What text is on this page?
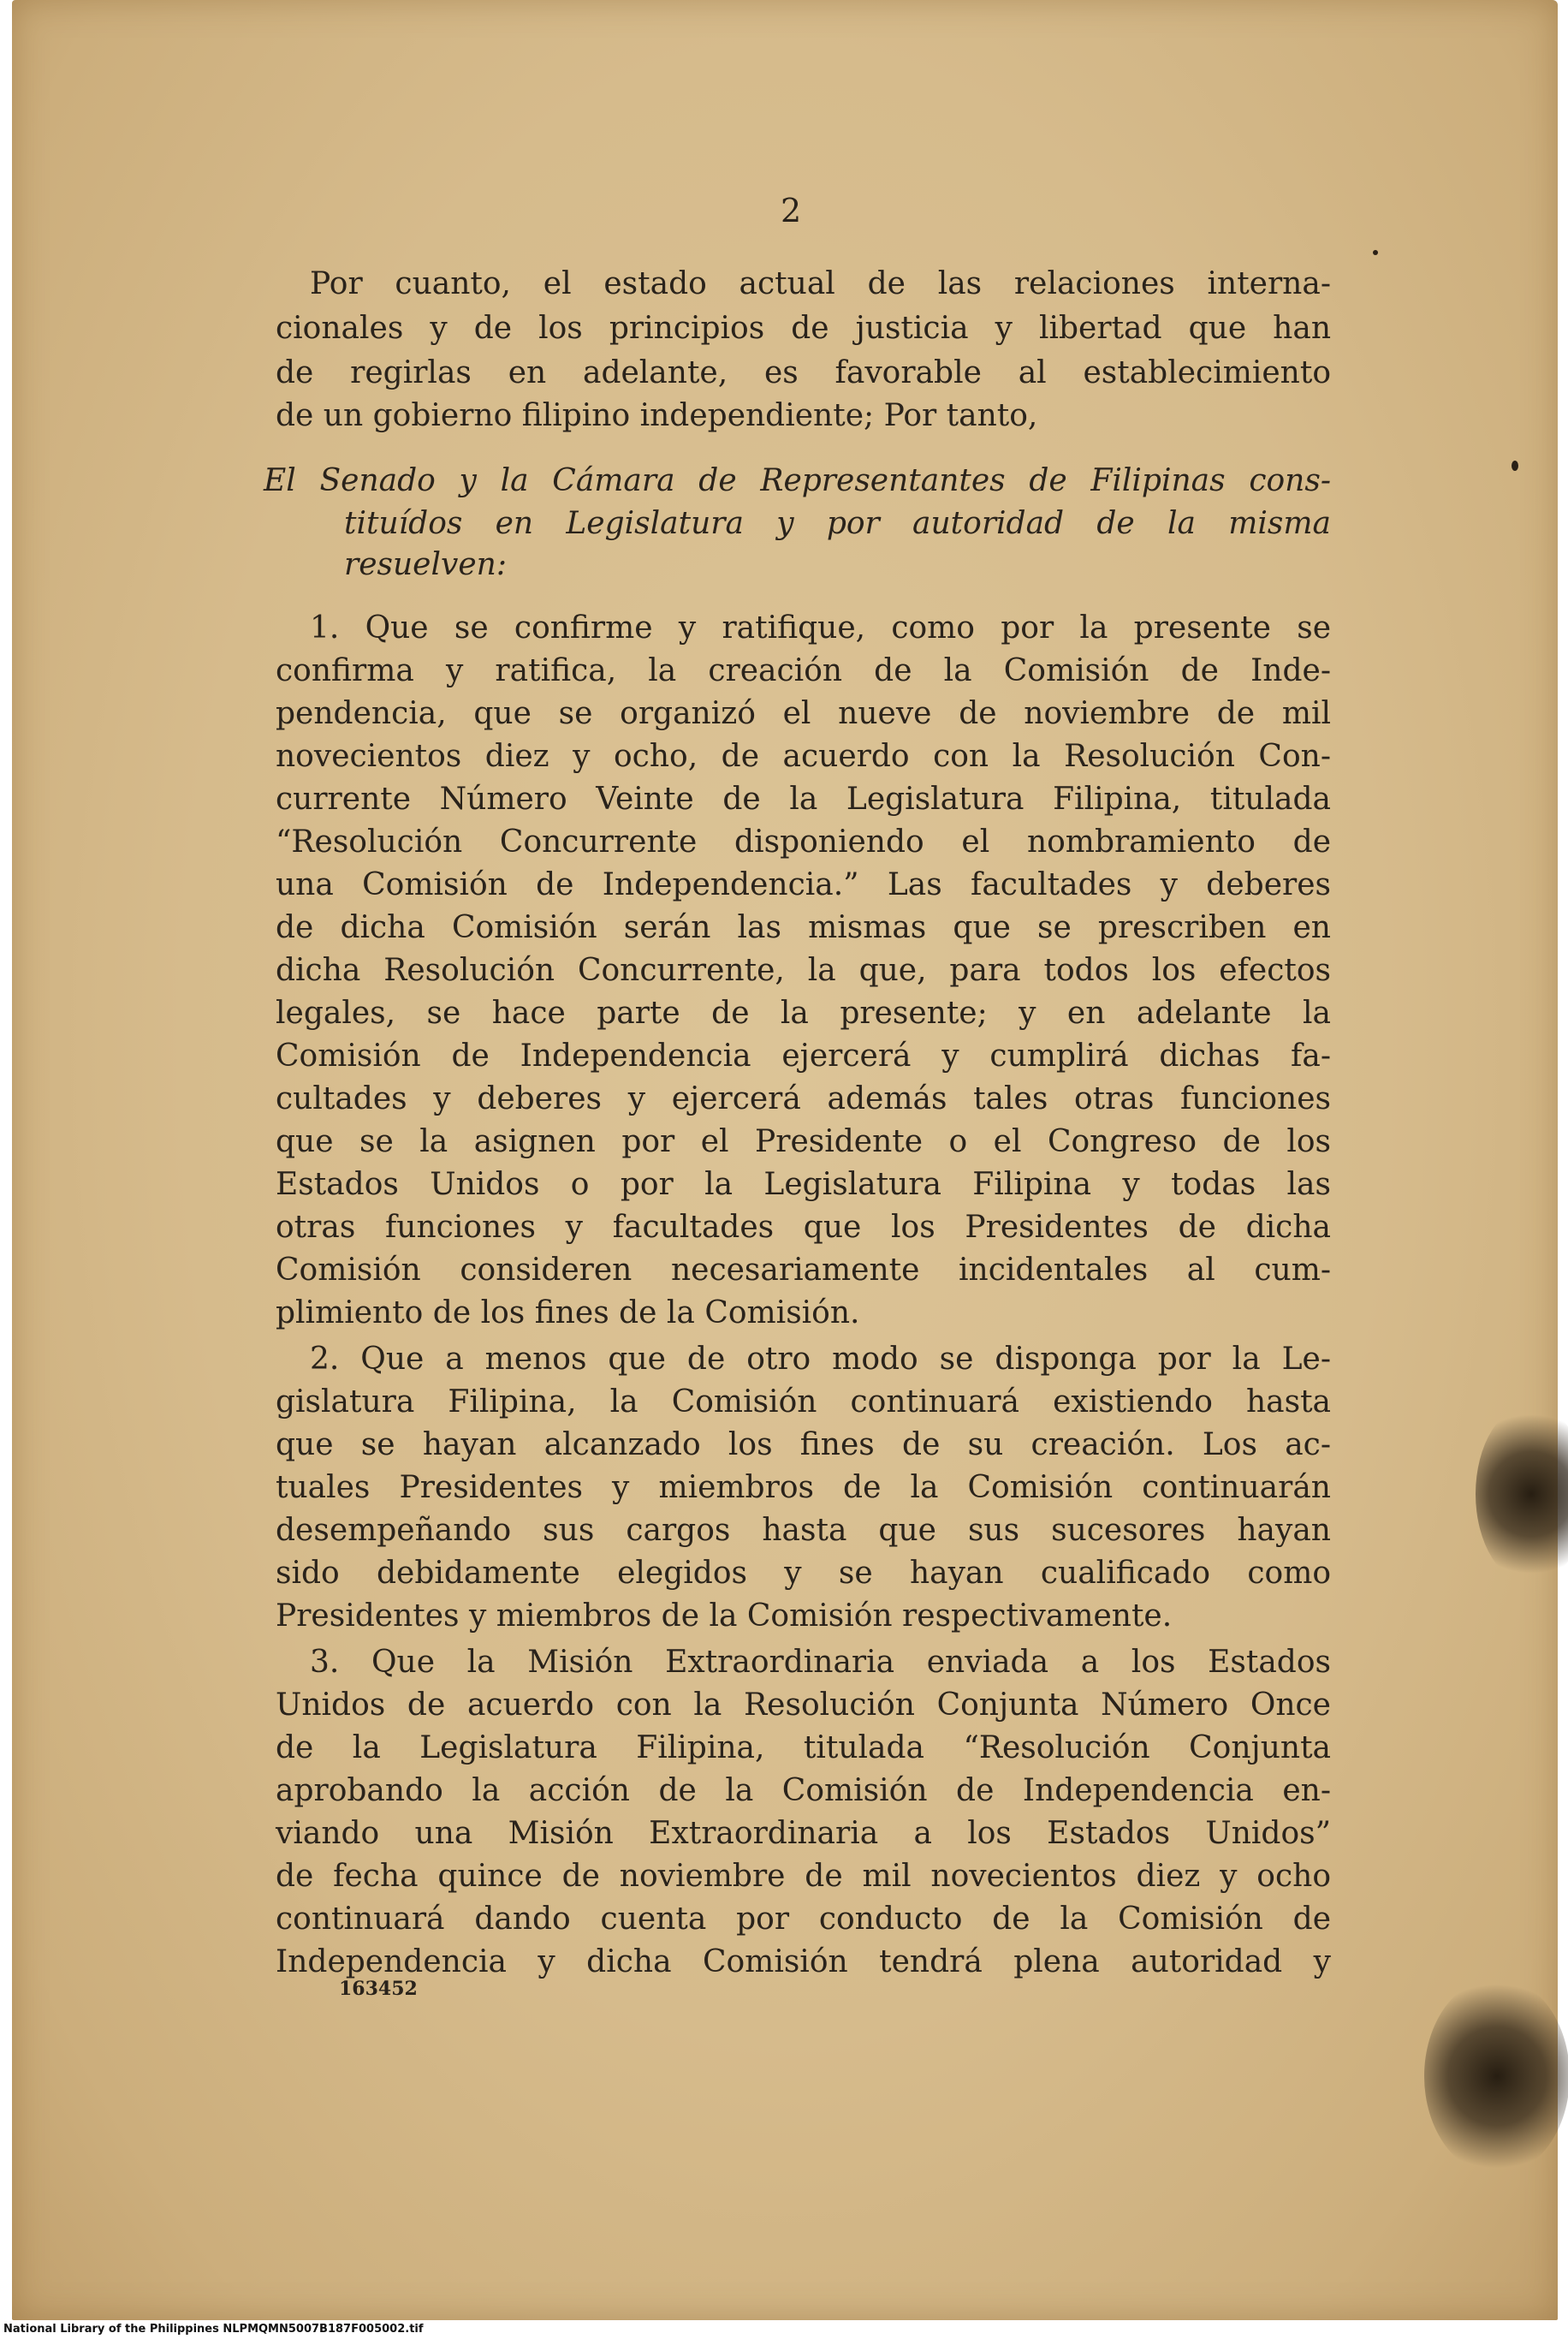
2
Por cuanto, el estado actual de las relaciones interna-
cionales y de los principios de justicia y libertad que han
de regirlas en adelante, es favorable al establecimiento
de un gobierno filipino independiente; Por tanto,
El Senado y la Cámara de Representantes de Filipinas cons-
tituídos en Legislatura y por autoridad de la misma
resuelven:
1. Que se confirme y ratifique, como por la presente se
confirma y ratifica, la creación de la Comisión de Inde-
pendencia, que se organizó el nueve de noviembre de mil
novecientos diez y ocho, de acuerdo con la Resolución Con-
currente Número Veinte de la Legislatura Filipina, titulada
“Resolución Concurrente disponiendo el nombramiento de
una Comisión de Independencia.” Las facultades y deberes
de dicha Comisión serán las mismas que se prescriben en
dicha Resolución Concurrente, la que, para todos los efectos
legales, se hace parte de la presente; y en adelante la
Comisión de Independencia ejercerá y cumplirá dichas fa-
cultades y deberes y ejercerá además tales otras funciones
que se la asignen por el Presidente o el Congreso de los
Estados Unidos o por la Legislatura Filipina y todas las
otras funciones y facultades que los Presidentes de dicha
Comisión consideren necesariamente incidentales al cum-
plimiento de los fines de la Comisión.
2. Que a menos que de otro modo se disponga por la Le-
gislatura Filipina, la Comisión continuará existiendo hasta
que se hayan alcanzado los fines de su creación. Los ac-
tuales Presidentes y miembros de la Comisión continuarán
desempeñando sus cargos hasta que sus sucesores hayan
sido debidamente elegidos y se hayan cualificado como
Presidentes y miembros de la Comisión respectivamente.
3. Que la Misión Extraordinaria enviada a los Estados
Unidos de acuerdo con la Resolución Conjunta Número Once
de la Legislatura Filipina, titulada “Resolución Conjunta
aprobando la acción de la Comisión de Independencia en-
viando una Misión Extraordinaria a los Estados Unidos”
de fecha quince de noviembre de mil novecientos diez y ocho
continuará dando cuenta por conducto de la Comisión de
Independencia y dicha Comisión tendrá plena autoridad y
163452
National Library of the Philippines NLPMQMN5007B187F005002.tif
